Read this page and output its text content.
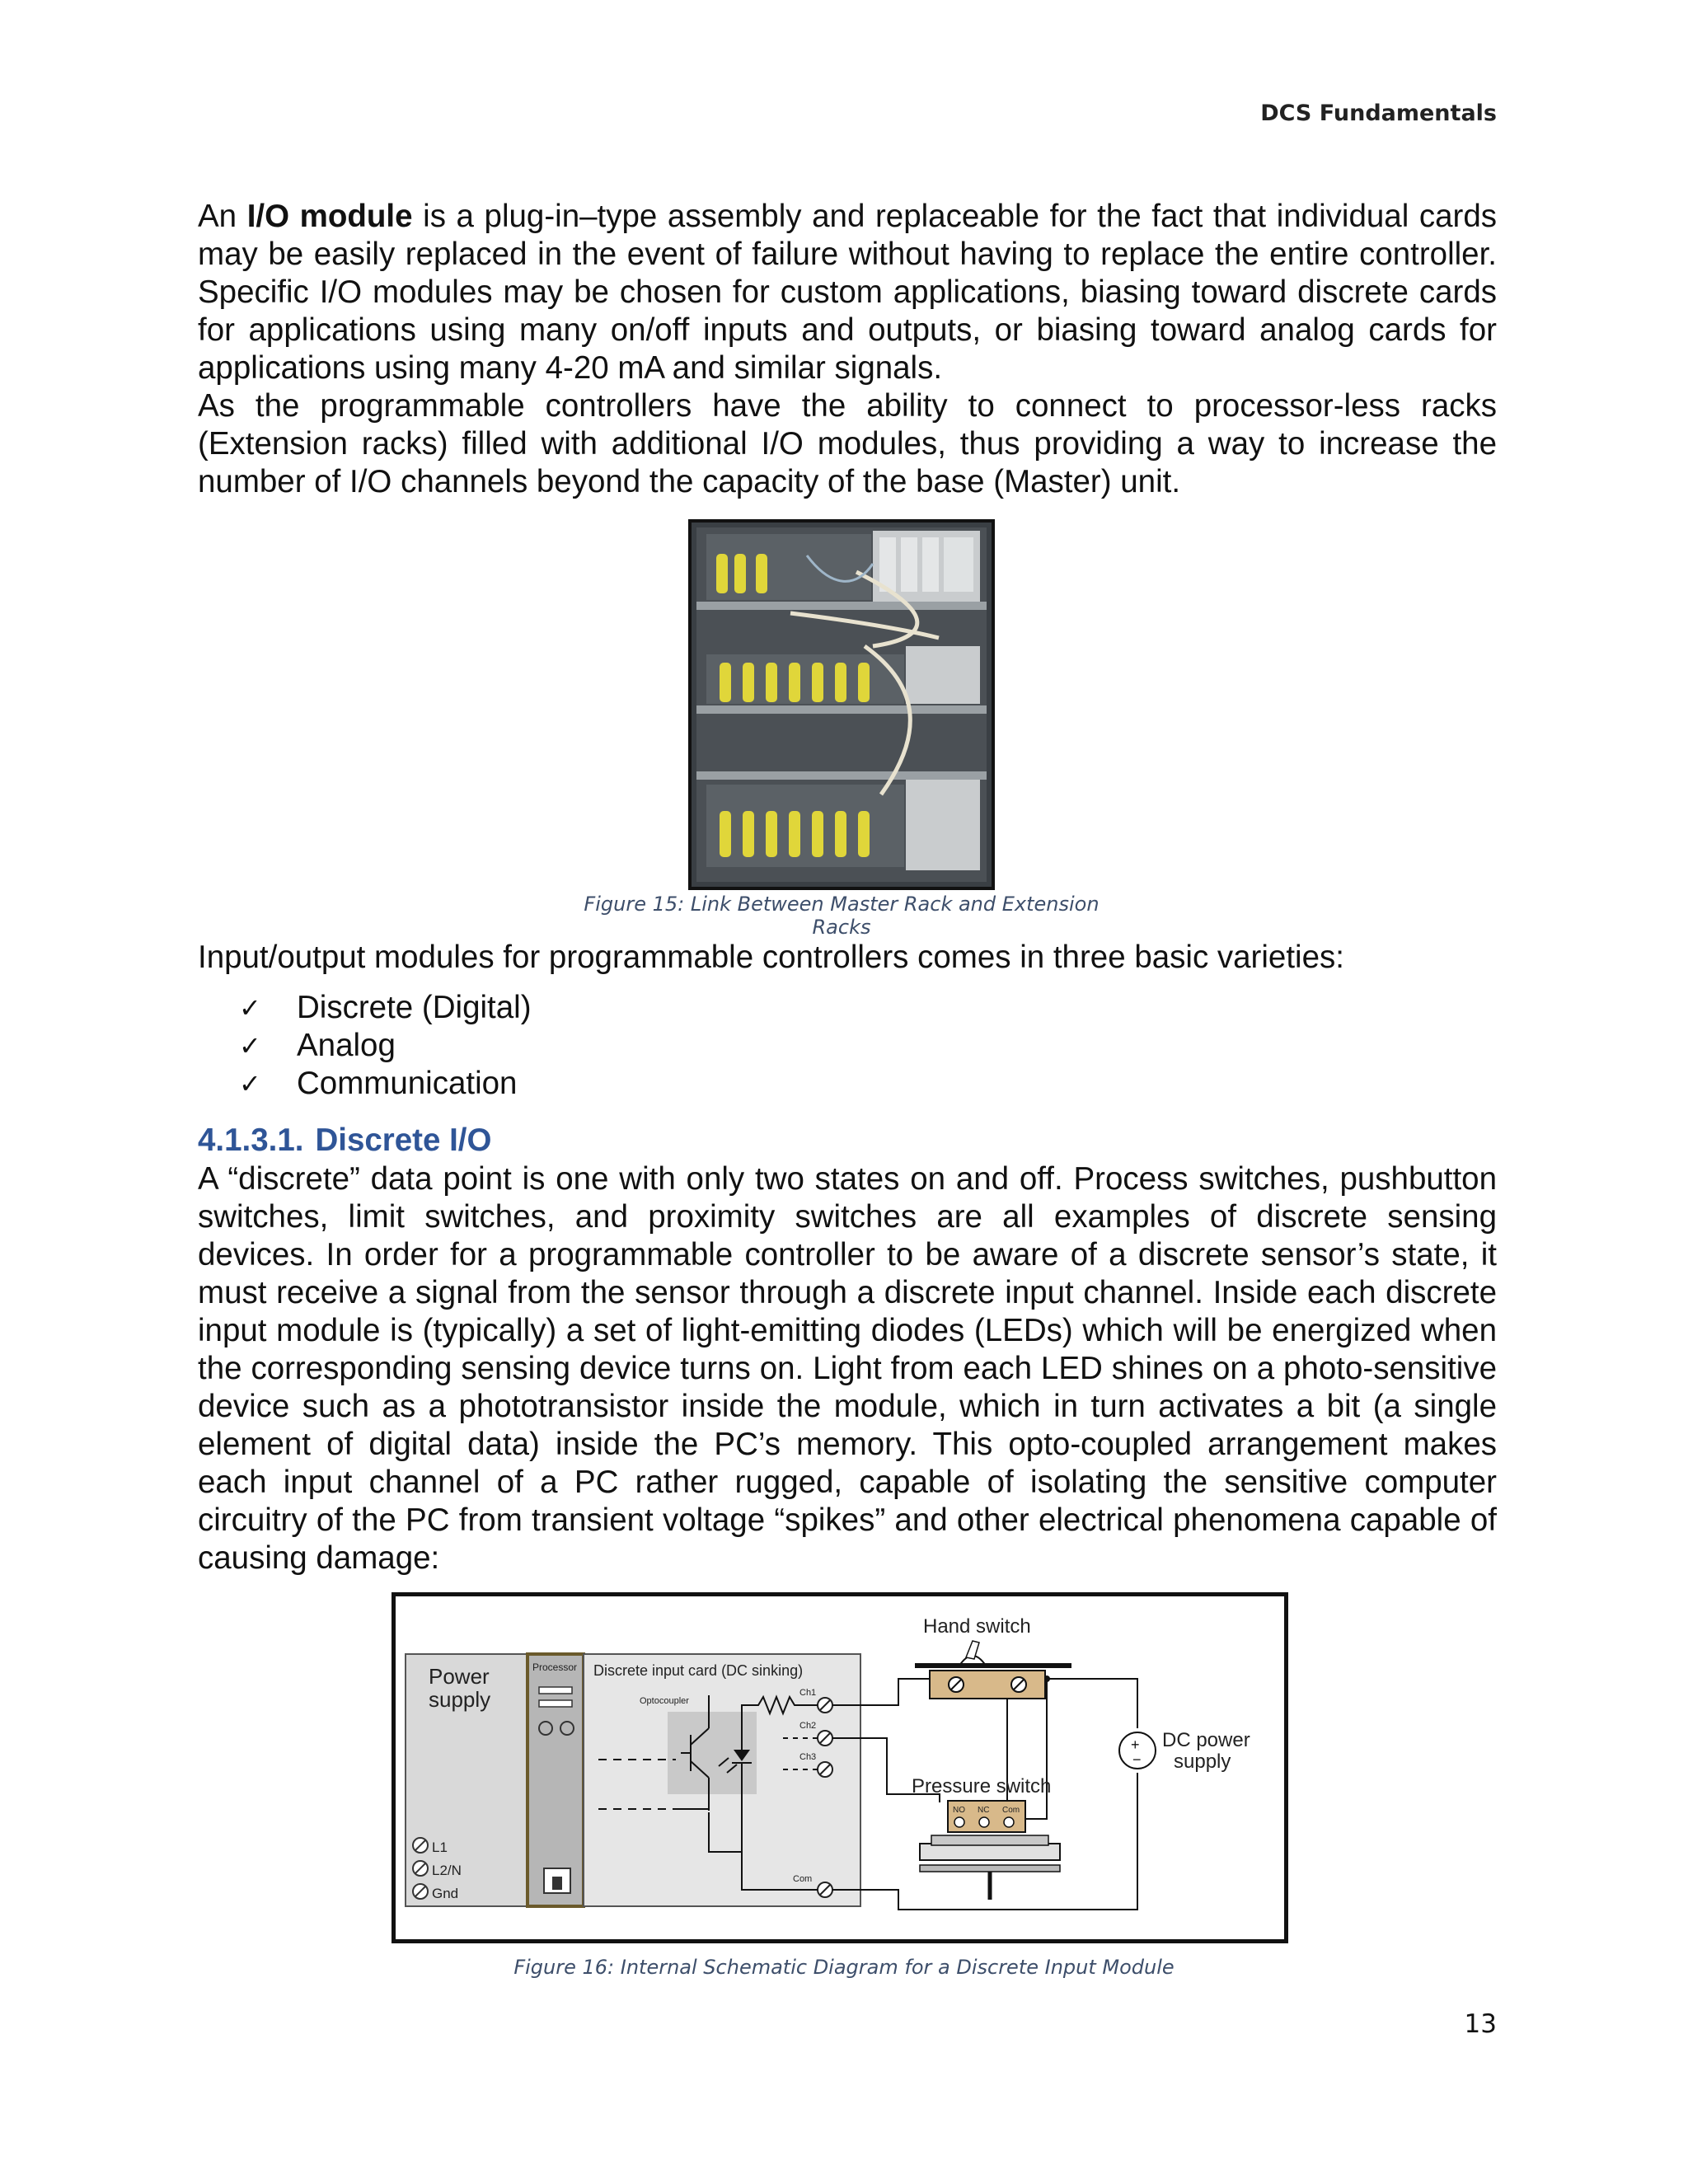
DCS Fundamentals

An I/O module is a plug-in–type assembly and replaceable for the fact that individual cards may be easily replaced in the event of failure without having to replace the entire controller. Specific I/O modules may be chosen for custom applications, biasing toward discrete cards for applications using many on/off inputs and outputs, or biasing toward analog cards for applications using many 4-20 mA and similar signals.

As the programmable controllers have the ability to connect to processor-less racks (Extension racks) filled with additional I/O modules, thus providing a way to increase the number of I/O channels beyond the capacity of the base (Master) unit.

Figure 15: Link Between Master Rack and Extension Racks
Input/output modules for programmable controllers comes in three basic varieties:
✓	Discrete (Digital)
✓	Analog
✓	Communication
4.1.3.1. Discrete I/O

A “discrete” data point is one with only two states on and off. Process switches, pushbutton switches, limit switches, and proximity switches are all examples of discrete sensing devices. In order for a programmable controller to be aware of a discrete sensor’s state, it must receive a signal from the sensor through a discrete input channel. Inside each discrete input module is (typically) a set of light-emitting diodes (LEDs) which will be energized when the corresponding sensing device turns on. Light from each LED shines on a photo-sensitive device such as a phototransistor inside the module, which in turn activates a bit (a single element of digital data) inside the PC’s memory. This opto-coupled arrangement makes each input channel of a PC rather rugged, capable of isolating the sensitive computer circuitry of the PC from transient voltage “spikes” and other electrical phenomena capable of causing damage:

Power
supply
L1
L2/N
Gnd
Processor Discrete input card (DC sinking)
Optocoupler
Ch1
Ch2
Ch3
Com
Hand switch
Pressure switch
NO NC Com
+
−
DC power
supply
Figure 16: Internal Schematic Diagram for a Discrete Input Module
13
